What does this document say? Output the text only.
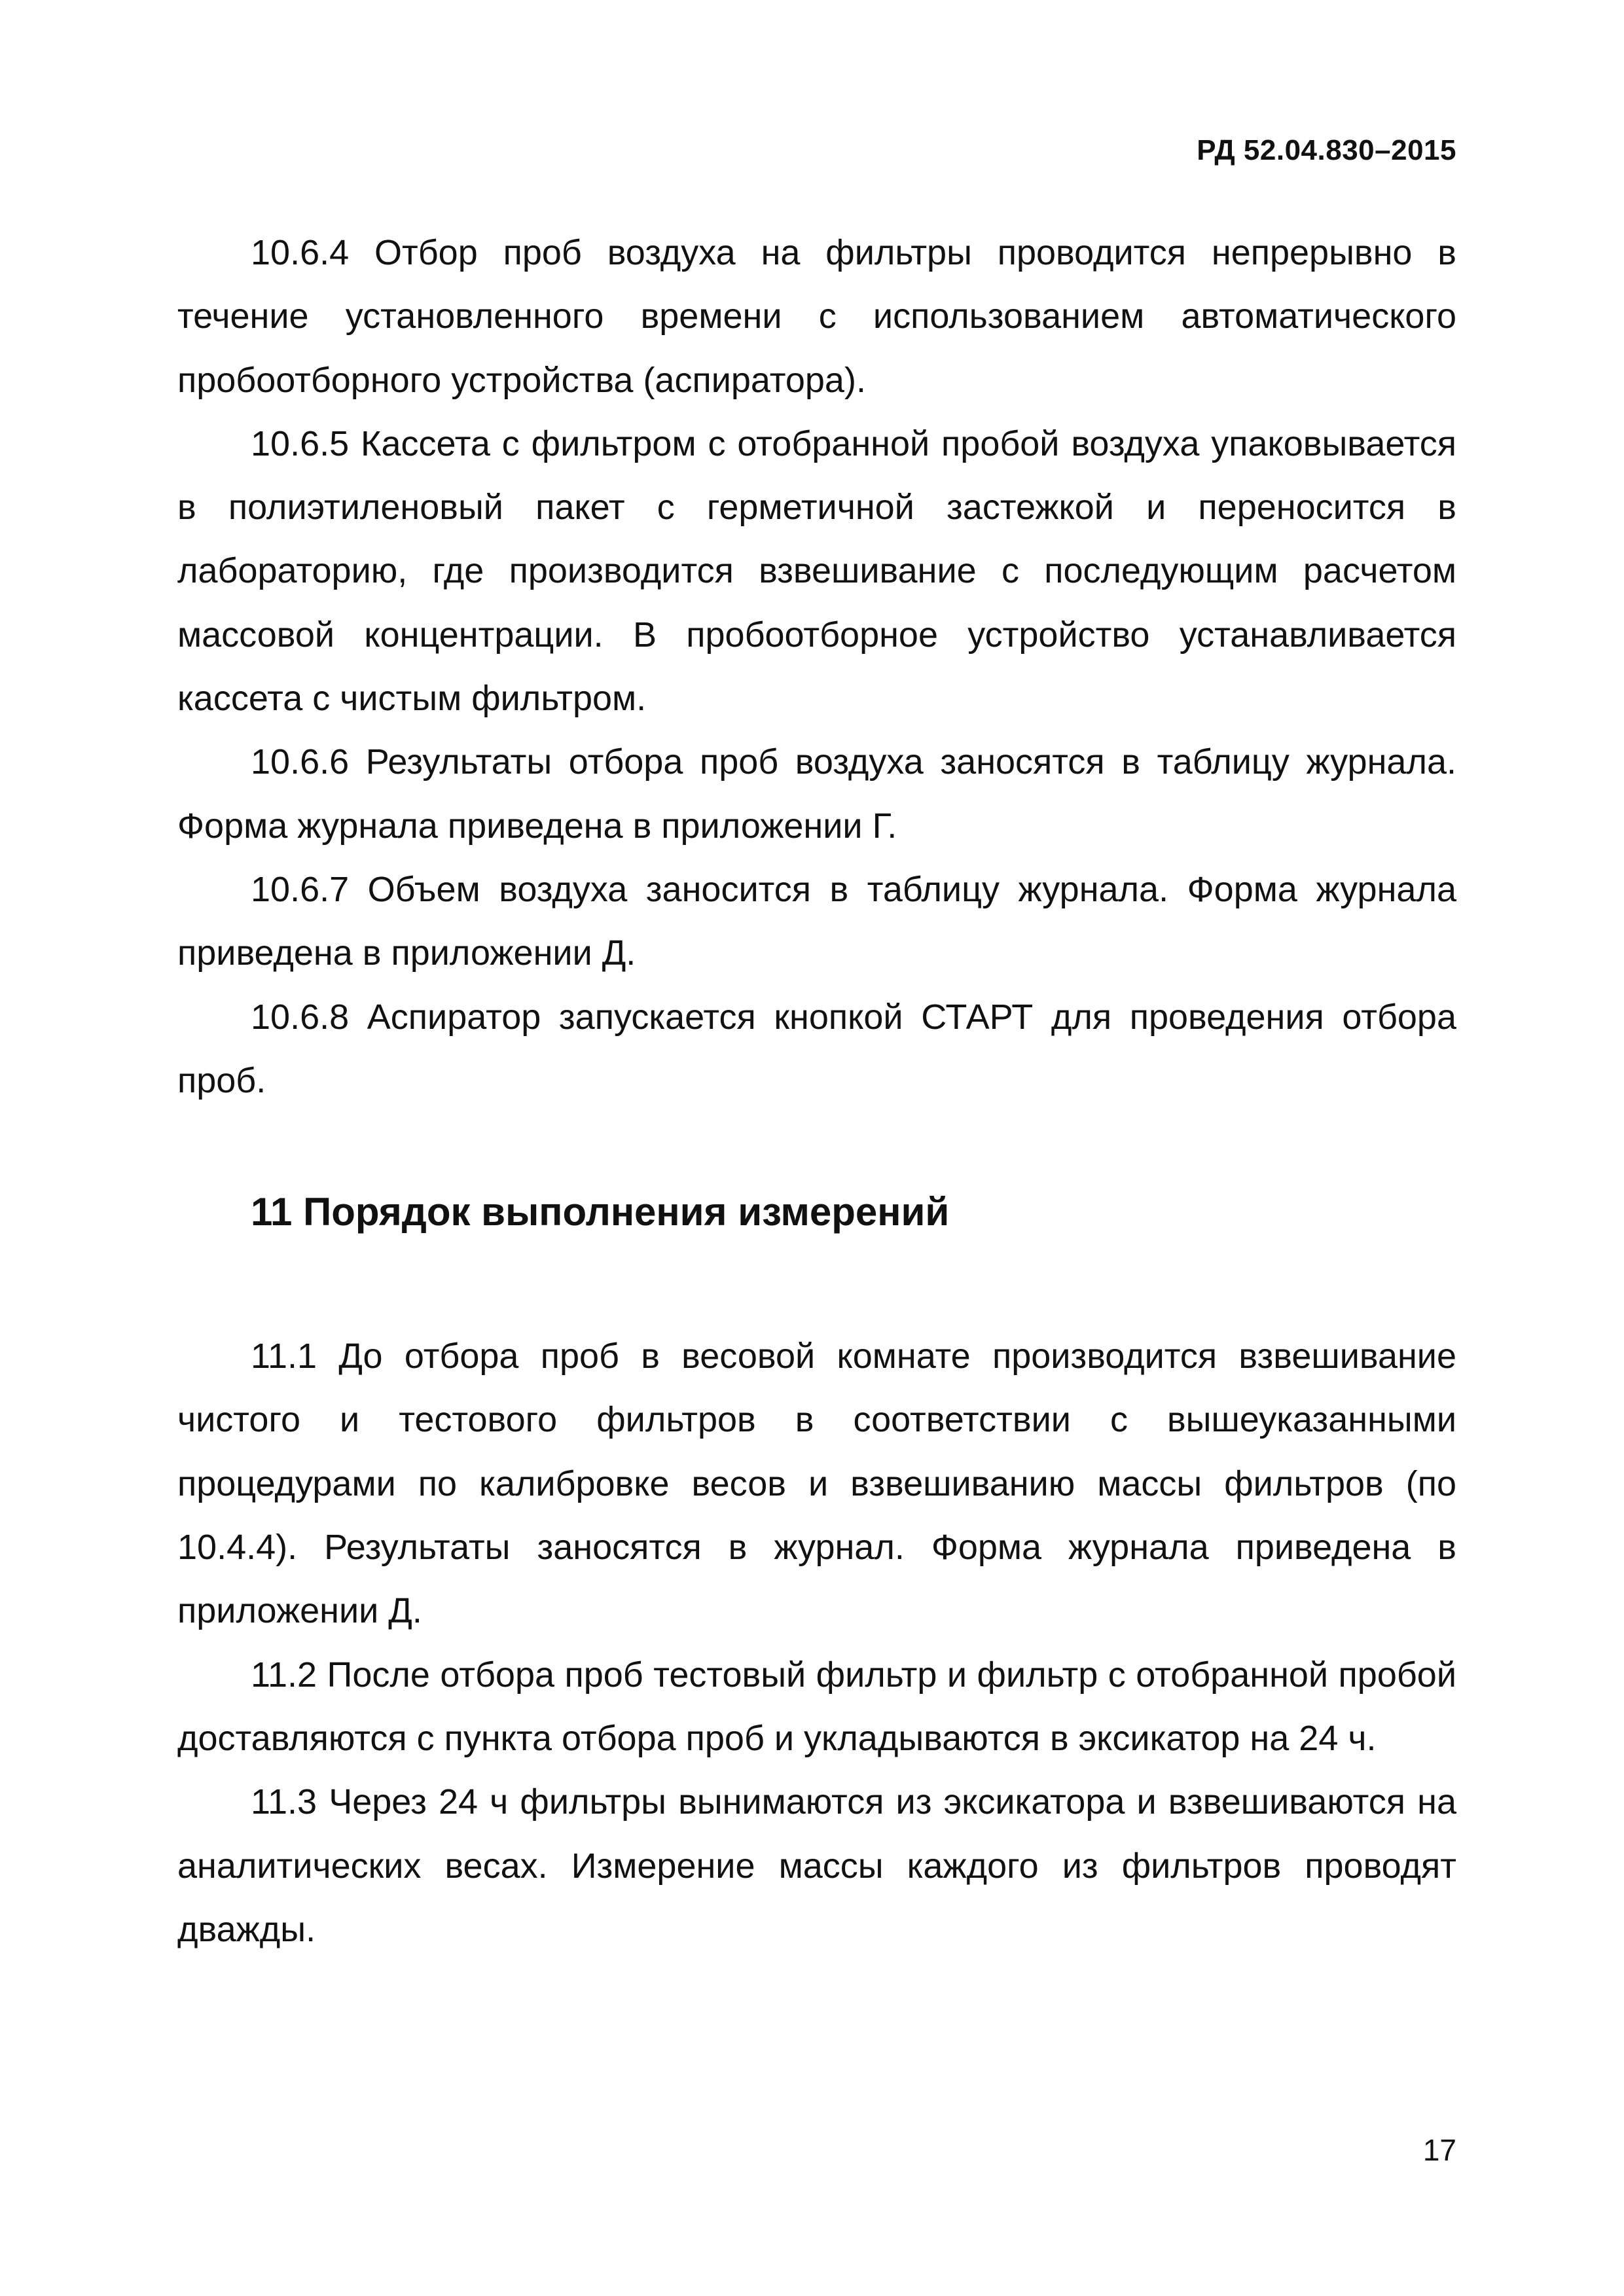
РД 52.04.830–2015

10.6.4 Отбор проб воздуха на фильтры проводится непрерывно в течение установленного времени с использованием автоматического пробоотборного устройства (аспиратора).

10.6.5 Кассета с фильтром с отобранной пробой воздуха упаковывается в полиэтиленовый пакет с герметичной застежкой и переносится в лабораторию, где производится взвешивание с последующим расчетом массовой концентрации. В пробоотборное устройство устанавливается кассета с чистым фильтром.

10.6.6 Результаты отбора проб воздуха заносятся в таблицу журнала. Форма журнала приведена в приложении Г.

10.6.7 Объем воздуха заносится в таблицу журнала. Форма журнала приведена в приложении Д.

10.6.8 Аспиратор запускается кнопкой СТАРТ для проведения отбора проб.

11 Порядок выполнения измерений

11.1 До отбора проб в весовой комнате производится взвешивание чистого и тестового фильтров в соответствии с вышеуказанными процедурами по калибровке весов и взвешиванию массы фильтров (по 10.4.4). Результаты заносятся в журнал. Форма журнала приведена в приложении Д.

11.2 После отбора проб тестовый фильтр и фильтр с отобранной пробой доставляются с пункта отбора проб и укладываются в эксикатор на 24 ч.

11.3 Через 24 ч фильтры вынимаются из эксикатора и взвешиваются на аналитических весах. Измерение массы каждого из фильтров проводят дважды.

17
